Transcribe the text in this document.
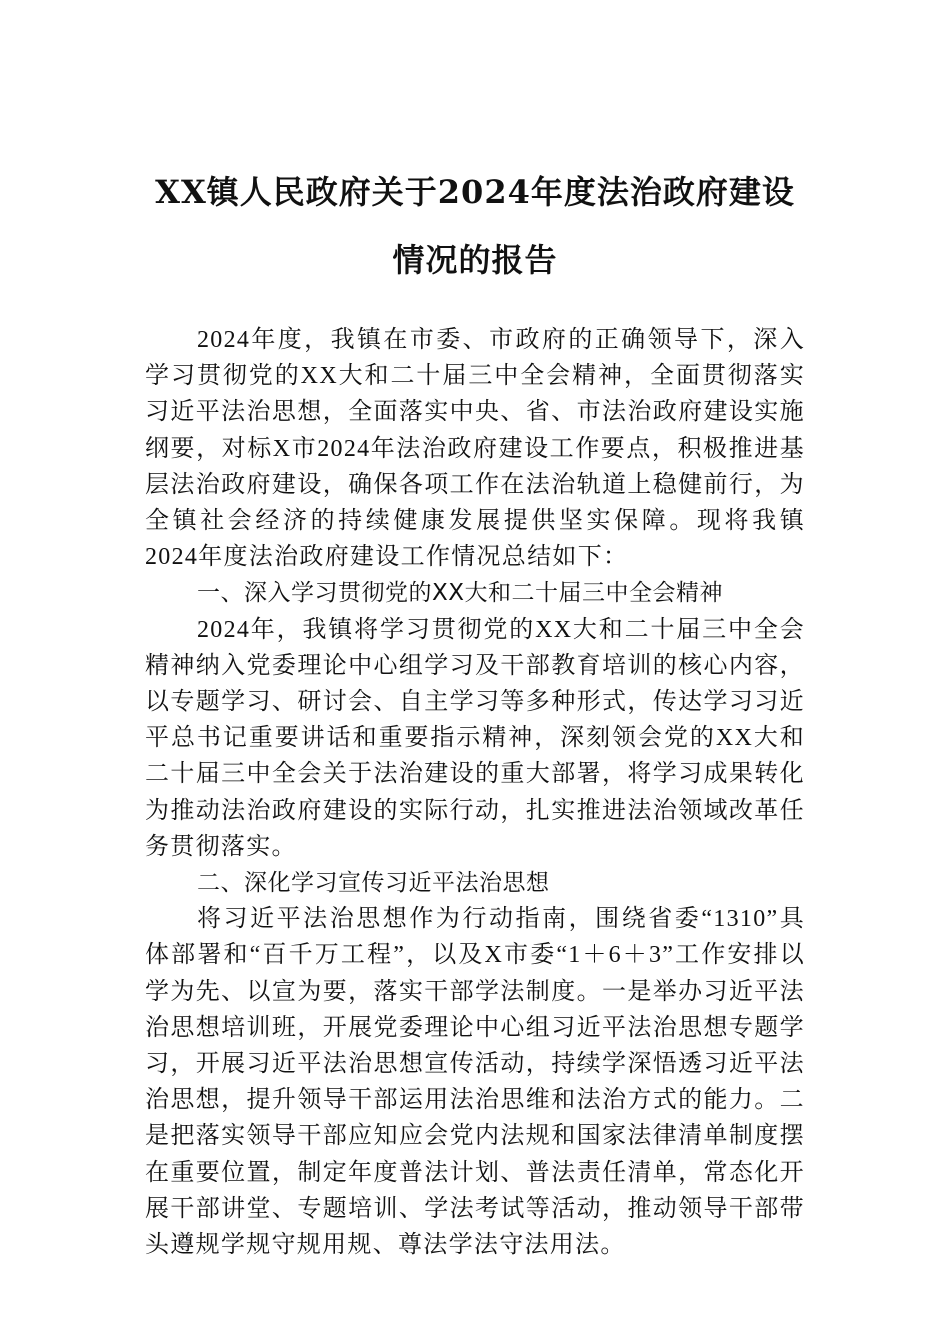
XX镇人民政府关于2024年度法治政府建设情况的报告

2024年度，我镇在市委、市政府的正确领导下，深入学习贯彻党的XX大和二十届三中全会精神，全面贯彻落实习近平法治思想，全面落实中央、省、市法治政府建设实施纲要，对标X市2024年法治政府建设工作要点，积极推进基层法治政府建设，确保各项工作在法治轨道上稳健前行，为全镇社会经济的持续健康发展提供坚实保障。现将我镇2024年度法治政府建设工作情况总结如下：

一、深入学习贯彻党的XX大和二十届三中全会精神

2024年，我镇将学习贯彻党的XX大和二十届三中全会精神纳入党委理论中心组学习及干部教育培训的核心内容，以专题学习、研讨会、自主学习等多种形式，传达学习习近平总书记重要讲话和重要指示精神，深刻领会党的XX大和二十届三中全会关于法治建设的重大部署，将学习成果转化为推动法治政府建设的实际行动，扎实推进法治领域改革任务贯彻落实。

二、深化学习宣传习近平法治思想

将习近平法治思想作为行动指南，围绕省委“1310”具体部署和“百千万工程”，以及X市委“1＋6＋3”工作安排以学为先、以宣为要，落实干部学法制度。一是举办习近平法治思想培训班，开展党委理论中心组习近平法治思想专题学习，开展习近平法治思想宣传活动，持续学深悟透习近平法治思想，提升领导干部运用法治思维和法治方式的能力。二是把落实领导干部应知应会党内法规和国家法律清单制度摆在重要位置，制定年度普法计划、普法责任清单，常态化开展干部讲堂、专题培训、学法考试等活动，推动领导干部带头遵规学规守规用规、尊法学法守法用法。
